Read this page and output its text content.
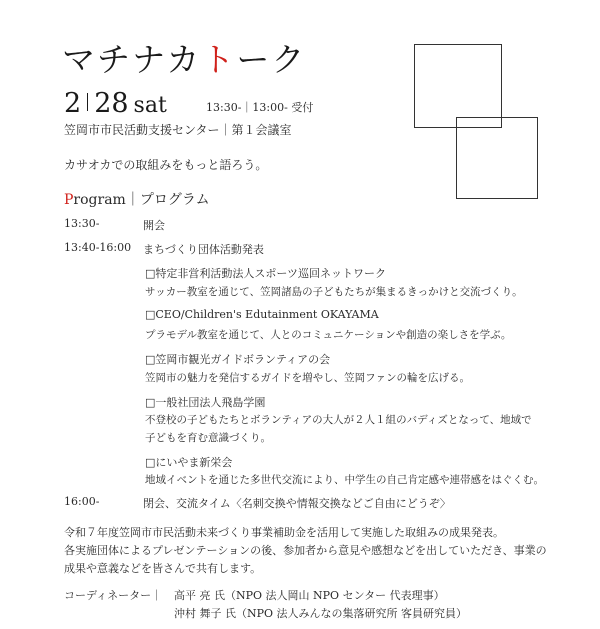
マチナカトーク
2 28 sat	13:30-｜13:00- 受付
笠岡市市民活動支援センター｜第１会議室
カサオカでの取組みをもっと語ろう。
Program｜プログラム
13:30-	開会
13:40-16:00 まちづくり団体活動発表
□特定非営利活動法人スポーツ巡回ネットワーク
サッカー教室を通じて、笠岡諸島の子どもたちが集まるきっかけと交流づくり。
□CEO/Children's Edutainment OKAYAMA
プラモデル教室を通じて、人とのコミュニケーションや創造の楽しさを学ぶ。
□笠岡市観光ガイドボランティアの会
笠岡市の魅力を発信するガイドを増やし、笠岡ファンの輪を広げる。
□一般社団法人飛島学園
不登校の子どもたちとボランティアの大人が２人１組のバディズとなって、地域で
子どもを育む意識づくり。
□にいやま新栄会
地域イベントを通じた多世代交流により、中学生の自己肯定感や連帯感をはぐくむ。
16:00-	閉会、交流タイム〈名刺交換や情報交換などご自由にどうぞ〉
令和７年度笠岡市市民活動未来づくり事業補助金を活用して実施した取組みの成果発表。
各実施団体によるプレゼンテーションの後、参加者から意見や感想などを出していただき、事業の
成果や意義などを皆さんで共有します。
コーディネーター｜ 高平 亮 氏（NPO 法人岡山 NPO センター 代表理事）
沖村 舞子 氏（NPO 法人みんなの集落研究所 客員研究員）
